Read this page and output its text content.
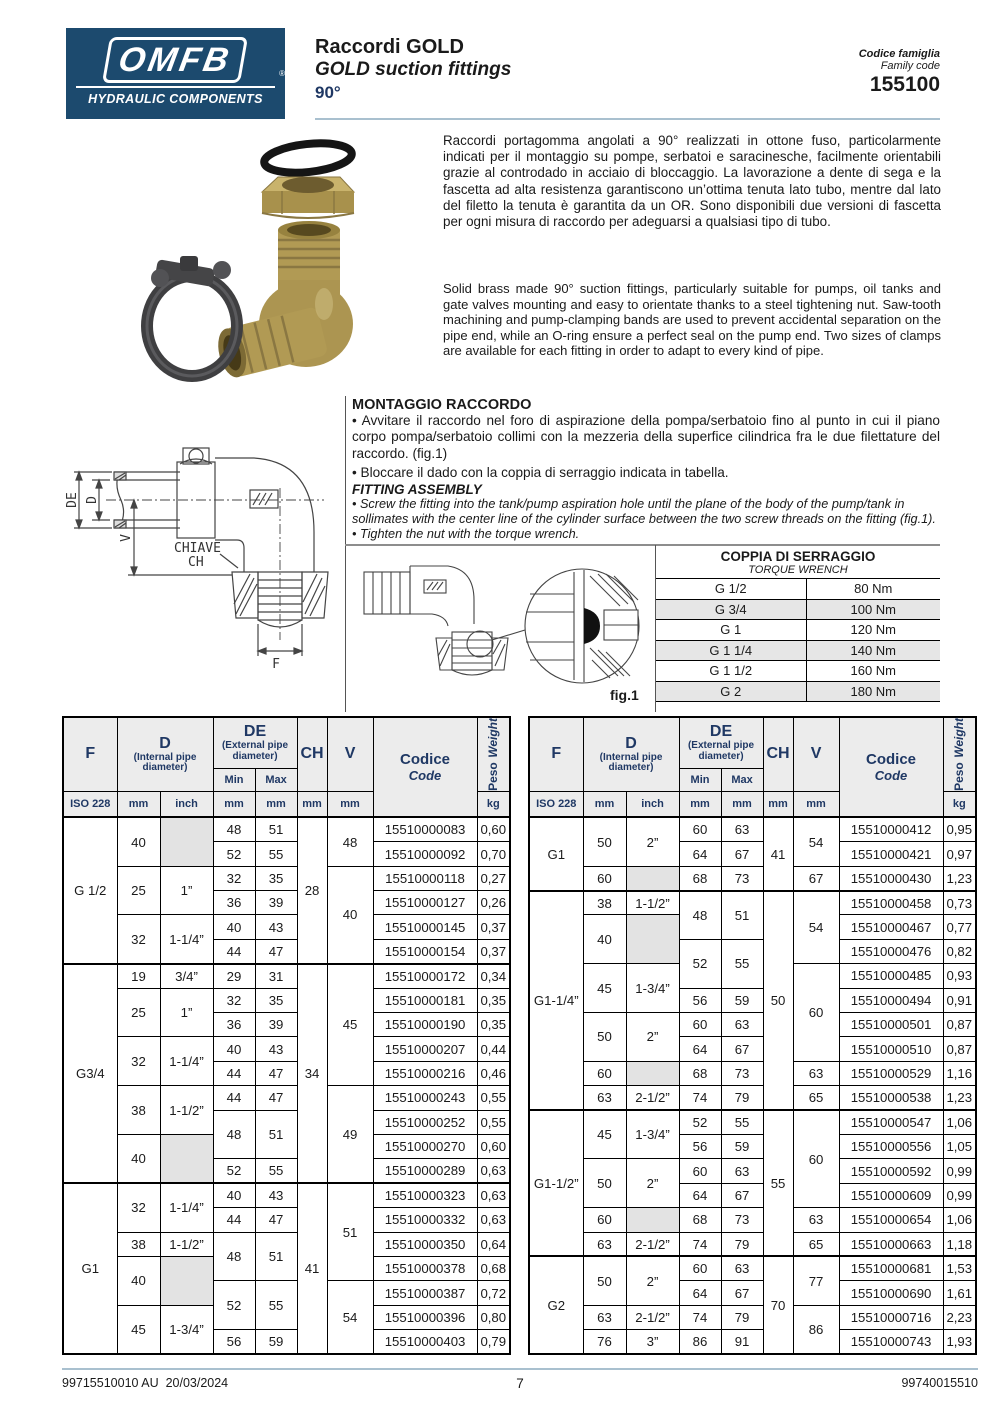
OMFB	®
HYDRAULIC COMPONENTS
Raccordi GOLD
GOLD suction fittings
90°
Codice famiglia
Family code
155100
Raccordi portagomma angolati a 90° realizzati in ottone fuso, particolarmente indicati per il montaggio su pompe, serbatoi e saracinesche, facilmente orientabili grazie al controdado in acciaio di bloccaggio. La lavorazione a dente di sega e la fascetta ad alta resistenza garantiscono un’ottima tenuta lato tubo, mentre dal lato del filetto la tenuta è garantita da un OR. Sono disponibili due versioni di fascetta per ogni misura di raccordo per adeguarsi a qualsiasi tipo di tubo.
Solid brass made 90° suction fittings, particularly suitable for pumps, oil tanks and gate valves mounting and easy to orientate thanks to a steel tightening nut. Saw-tooth machining and pump-clamping bands are used to prevent accidental separation on the pipe end, while an O-ring ensure a perfect seal on the pump end. Two sizes of clamps are available for each fitting in order to adapt to every kind of pipe.
MONTAGGIO RACCORDO
• Avvitare il raccordo nel foro di aspirazione della pompa/serbatoio fino al punto in cui il piano corpo pompa/serbatoio collimi con la mezzeria della superfice cilindrica fra le due filettature del raccordo. (fig.1)
• Bloccare il dado con la coppia di serraggio indicata in tabella.
FITTING ASSEMBLY
• Screw the fitting into the tank/pump aspiration hole until the plane of the body of the pump/tank in sollimates with the center line of the cylinder surface between the two screw threads on the fitting (fig.1).
• Tighten the nut with the torque wrench.
DE D
V
CHIAVE
CH
F
fig.1
COPPIA DI SERRAGGIO
TORQUE WRENCH
G 1/2	80 Nm
G 3/4	100 Nm
G 1	120 Nm
G 1 1/4	140 Nm
G 1 1/2	160 Nm
G 2	180 Nm
F	
D
(Internal pipe diameter)

DE
(External pipe diameter)	CH	V	Codice
Code	Peso Weight

			Min	Max				
ISO 228	mm	inch	mm	mm	mm	mm		kg
G 1/2	40		48	51	28	48	15510000083	0,60
			52	55			15510000092	0,70
	25	1”	32	35		40	15510000118	0,27
			36	39			15510000127	0,26
	32	1-1/4”	40	43			15510000145	0,37
			44	47			15510000154	0,37
G3/4	19	3/4”	29	31	34	45	15510000172	0,34
	25	1”	32	35			15510000181	0,35
			36	39			15510000190	0,35
	32	1-1/4”	40	43			15510000207	0,44
			44	47			15510000216	0,46
	38	1-1/2”	44	47		49	15510000243	0,55
			48	51			15510000252	0,55
	40						15510000270	0,60
			52	55			15510000289	0,63
G1	32	1-1/4”	40	43	41	51	15510000323	0,63
			44	47			15510000332	0,63
	38	1-1/2”	48	51			15510000350	0,64
	40						15510000378	0,68
			52	55		54	15510000387	0,72
	45	1-3/4”					15510000396	0,80
			56	59			15510000403	0,79
F	
D
(Internal pipe diameter)

DE
(External pipe diameter)	CH	V	Codice
Code	Peso Weight

			Min	Max				
ISO 228	mm	inch	mm	mm	mm	mm		kg
G1	50	2”	60	63	41	54	15510000412	0,95
			64	67			15510000421	0,97
	60		68	73		67	15510000430	1,23
G1-1/4”	38	1-1/2”	48	51	50	54	15510000458	0,73
	40						15510000467	0,77
			52	55			15510000476	0,82
	45	1-3/4”				60	15510000485	0,93
			56	59			15510000494	0,91
	50	2”	60	63			15510000501	0,87
			64	67			15510000510	0,87
	60		68	73		63	15510000529	1,16
	63	2-1/2”	74	79		65	15510000538	1,23
G1-1/2”	45	1-3/4”	52	55	55	60	15510000547	1,06
			56	59			15510000556	1,05
	50	2”	60	63			15510000592	0,99
			64	67			15510000609	0,99
	60		68	73		63	15510000654	1,06
	63	2-1/2”	74	79		65	15510000663	1,18
G2	50	2”	60	63	70	77	15510000681	1,53
			64	67			15510000690	1,61
	63	2-1/2”	74	79		86	15510000716	2,23
	76	3”	86	91			15510000743	1,93
99715510010 AU 20/03/2024	7	99740015510
